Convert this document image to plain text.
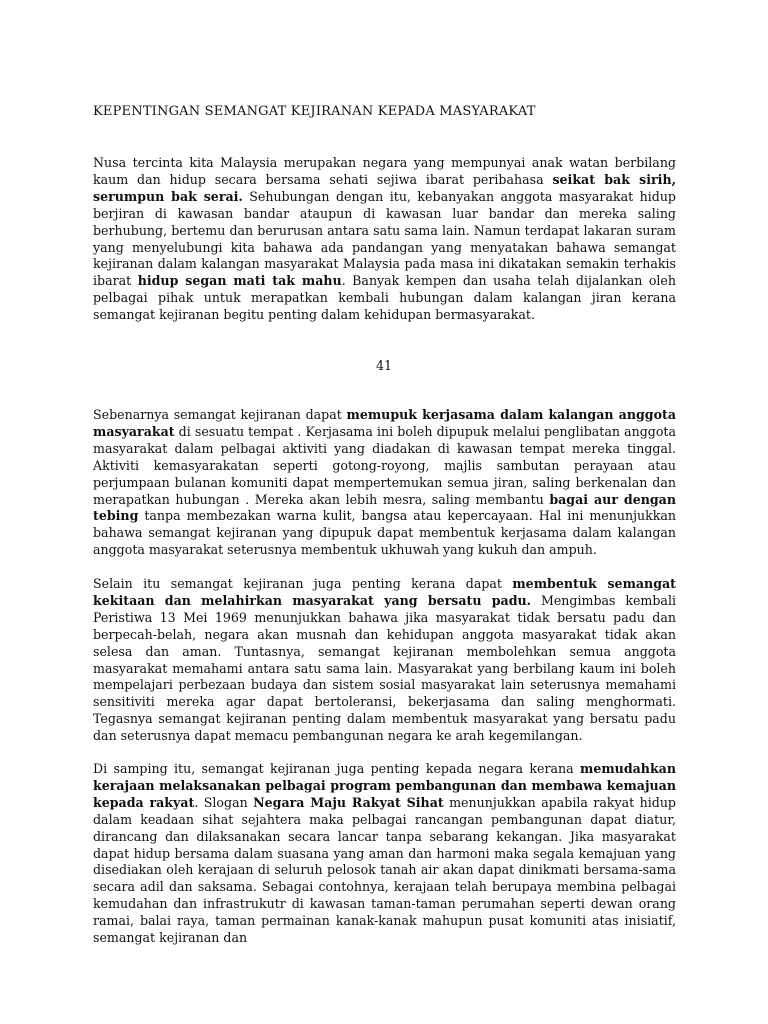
KEPENTINGAN SEMANGAT KEJIRANAN KEPADA MASYARAKAT
Nusa tercinta kita Malaysia merupakan negara yang mempunyai anak watan berbilang kaum dan hidup secara bersama sehati sejiwa ibarat peribahasa seikat bak sirih, serumpun bak serai. Sehubungan dengan itu, kebanyakan anggota masyarakat hidup berjiran di kawasan bandar ataupun di kawasan luar bandar dan mereka saling berhubung, bertemu dan berurusan antara satu sama lain. Namun terdapat lakaran suram yang menyelubungi kita bahawa ada pandangan yang menyatakan bahawa semangat kejiranan dalam kalangan masyarakat Malaysia pada masa ini dikatakan semakin terhakis ibarat hidup segan mati tak mahu. Banyak kempen dan usaha telah dijalankan oleh pelbagai pihak untuk merapatkan kembali hubungan dalam kalangan jiran kerana semangat kejiranan begitu penting dalam kehidupan bermasyarakat.
41
Sebenarnya semangat kejiranan dapat memupuk kerjasama dalam kalangan anggota masyarakat di sesuatu tempat . Kerjasama ini boleh dipupuk melalui penglibatan anggota masyarakat dalam pelbagai aktiviti yang diadakan di kawasan tempat mereka tinggal. Aktiviti kemasyarakatan seperti gotong-royong, majlis sambutan perayaan atau perjumpaan bulanan komuniti dapat mempertemukan semua jiran, saling berkenalan dan merapatkan hubungan . Mereka akan lebih mesra, saling membantu bagai aur dengan tebing tanpa membezakan warna kulit, bangsa atau kepercayaan. Hal ini menunjukkan bahawa semangat kejiranan yang dipupuk dapat membentuk kerjasama dalam kalangan anggota masyarakat seterusnya membentuk ukhuwah yang kukuh dan ampuh.
Selain itu semangat kejiranan juga penting kerana dapat membentuk semangat kekitaan dan melahirkan masyarakat yang bersatu padu. Mengimbas kembali Peristiwa 13 Mei 1969 menunjukkan bahawa jika masyarakat tidak bersatu padu dan berpecah-belah, negara akan musnah dan kehidupan anggota masyarakat tidak akan selesa dan aman. Tuntasnya, semangat kejiranan membolehkan semua anggota masyarakat memahami antara satu sama lain. Masyarakat yang berbilang kaum ini boleh mempelajari perbezaan budaya dan sistem sosial masyarakat lain seterusnya memahami sensitiviti mereka agar dapat bertoleransi, bekerjasama dan saling menghormati. Tegasnya semangat kejiranan penting dalam membentuk masyarakat yang bersatu padu dan seterusnya dapat memacu pembangunan negara ke arah kegemilangan.
Di samping itu, semangat kejiranan juga penting kepada negara kerana memudahkan kerajaan melaksanakan pelbagai program pembangunan dan membawa kemajuan kepada rakyat. Slogan Negara Maju Rakyat Sihat menunjukkan apabila rakyat hidup dalam keadaan sihat sejahtera maka pelbagai rancangan pembangunan dapat diatur, dirancang dan dilaksanakan secara lancar tanpa sebarang kekangan. Jika masyarakat dapat hidup bersama dalam suasana yang aman dan harmoni maka segala kemajuan yang disediakan oleh kerajaan di seluruh pelosok tanah air akan dapat dinikmati bersama-sama secara adil dan saksama. Sebagai contohnya, kerajaan telah berupaya membina pelbagai kemudahan dan infrastrukutr di kawasan taman-taman perumahan seperti dewan orang ramai, balai raya, taman permainan kanak-kanak mahupun pusat komuniti atas inisiatif, semangat kejiranan dan
